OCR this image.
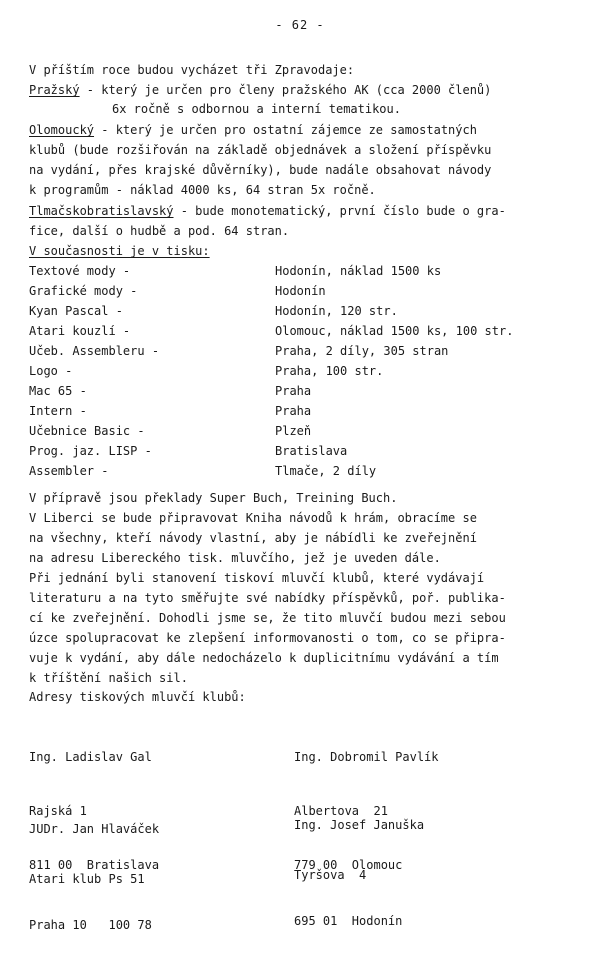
- 62 -
V příštím roce budou vycházet tři Zpravodaje:
Pražský - který je určen pro členy pražského AK (cca 2000 členů)
6x ročně s odbornou a interní tematikou.
Olomoucký - který je určen pro ostatní zájemce ze samostatných
klubů (bude rozšiřován na základě objednávek a složení příspěvku
na vydání, přes krajské důvěrníky), bude nadále obsahovat návody
k programům - náklad 4000 ks, 64 stran 5x ročně.
Tlmačskobratislavský - bude monotematický, první číslo bude o gra-
fice, další o hudbě a pod. 64 stran.
V současnosti je v tisku:
Textové mody -	Hodonín, náklad 1500 ks
Grafické mody -	Hodonín
Kyan Pascal -	Hodonín, 120 str.
Atari kouzlí -	Olomouc, náklad 1500 ks, 100 str.
Učeb. Assembleru -	Praha, 2 díly, 305 stran
Logo -	Praha, 100 str.
Mac 65 -	Praha
Intern -	Praha
Učebnice Basic -	Plzeň
Prog. jaz. LISP -	Bratislava
Assembler -	Tlmače, 2 díly
V přípravě jsou překlady Super Buch, Treining Buch.
V Liberci se bude připravovat Kniha návodů k hrám, obracíme se
na všechny, kteří návody vlastní, aby je nábídli ke zveřejnění
na adresu Libereckého tisk. mluvčího, jež je uveden dále.
Při jednání byli stanovení tiskoví mluvčí klubů, které vydávají
literaturu a na tyto směřujte své nabídky příspěvků, poř. publika-
cí ke zveřejnění. Dohodli jsme se, že tito mluvčí budou mezi sebou
úzce spolupracovat ke zlepšení informovanosti o tom, co se připra-
vuje k vydání, aby dále nedocházelo k duplicitnímu vydávání a tím
k tříštění našich sil.
Adresy tiskových mluvčí klubů:

Ing. Ladislav Gal

Rajská 1

811 00  Bratislava

Ing. Dobromil Pavlík

Albertova  21

779 00  Olomouc

JUDr. Jan Hlaváček

Atari klub Ps 51

Praha 10   100 78

Ing. Josef Januška

Tyršova  4

695 01  Hodonín
